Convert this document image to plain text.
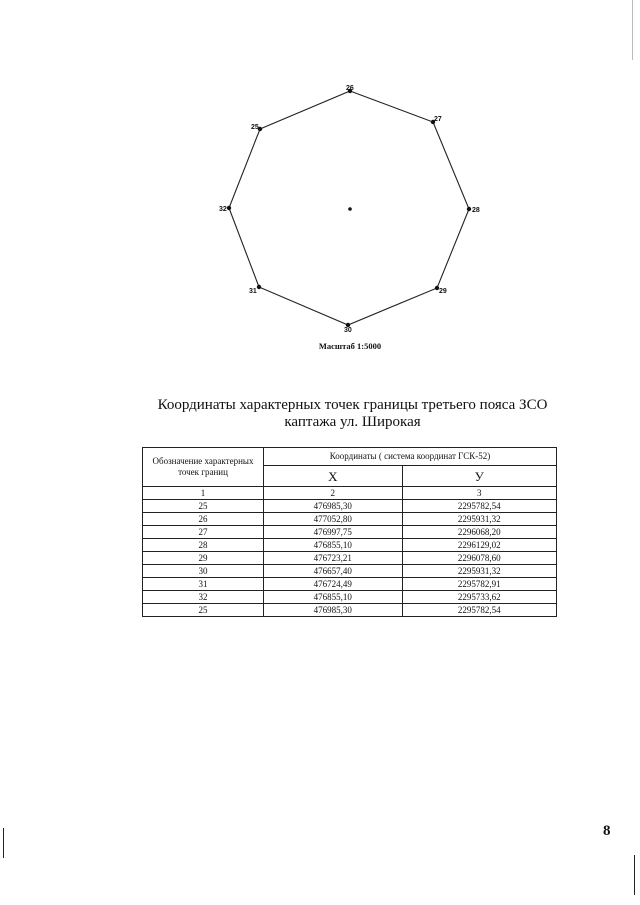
26
27
28
29
30
31
32
25
Масштаб 1:5000
Координаты характерных точек границы третьего пояса ЗСО
каптажа ул. Широкая
Обозначение характерных точек границ	Координаты ( система координат ГСК-52)	
	X	У
1	2	3
25	476985,30	2295782,54
26	477052,80	2295931,32
27	476997,75	2296068,20
28	476855,10	2296129,02
29	476723,21	2296078,60
30	476657,40	2295931,32
31	476724,49	2295782,91
32	476855,10	2295733,62
25	476985,30	2295782,54
8
